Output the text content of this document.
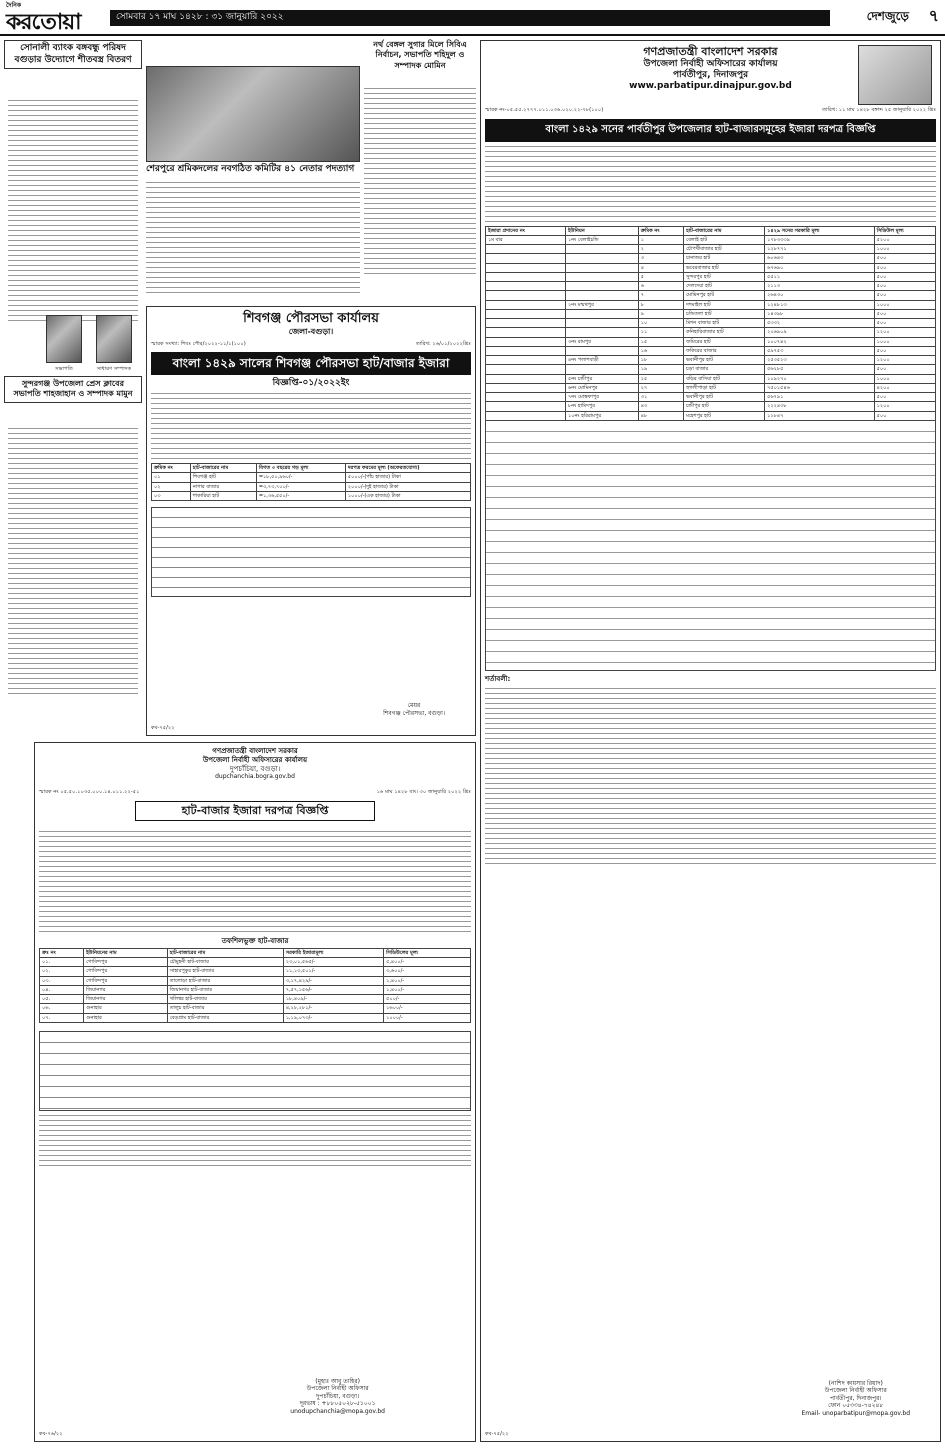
দৈনিক
করতোয়া	সোমবার ১৭ মাঘ ১৪২৮ : ৩১ জানুয়ারি ২০২২	দেশজুড়ে ৭
সোনালী ব্যাংক বঙ্গবন্ধু পরিষদ বগুড়ার উদ্যোগে শীতবস্ত্র বিতরণ
সভাপতি	সাধারণ সম্পাদক
সুন্দরগঞ্জ উপজেলা প্রেস ক্লাবের সভাপতি শাহজাহান ও সম্পাদক মামুন
শেরপুরে শ্রমিকদলের নবগঠিত কমিটির ৪১ নেতার পদত্যাগ
নর্থ বেঙ্গল সুগার মিলে সিবিএ নির্বাচন, সভাপতি শহিদুল ও সম্পাদক মোমিন
শিবগঞ্জ পৌরসভা কার্যালয়
জেলা-বগুড়া।
স্মারক সংখ্যা: শিবঃ পৌর/২০২২-১১/১(১০০)	তারিখ: ২৬/০১/২০২২খ্রিঃ
বাংলা ১৪২৯ সালের শিবগঞ্জ পৌরসভা হাট/বাজার ইজারা
বিজ্ঞপ্তি-০১/২০২২ইং
ক্রমিক নং	হাট-বাজারের নাম	বিগত ৩ বছরের গড় মূল্য	দরপত্র ফরমের মূল্য (অফেরতযোগ্য)
০১	শিবগঞ্জ হাট	=১৮,৫০,৯৬০/-	৫০০০/-(পাঁচ হাজার) টাকা
০২	নাগার বাজার	=৩,৭৩,৭০০/-	২০০০/-(দুই হাজার) টাকা
০৩	শাকারিয়া হাট	=১,৩৬,৫৫০/-	১০০০/-(এক হাজার) টাকা
মেয়র
শিবগঞ্জ পৌরসভা, বগুড়া।
কব-৭৫/২২
গণপ্রজাতন্ত্রী বাংলাদেশ সরকার
উপজেলা নির্বাহী অফিসারের কার্যালয়
দুপচাঁচিয়া, বগুড়া।
dupchanchia.bogra.gov.bd
স্মারক নং ০৫.৫০.১০৩৫.০০০.১৪.০১১.২২-৫১	১৬ মাঘ ১৪২৮ বাং। ৩০ জানুয়ারি ২০২২ খ্রিঃ
হাট-বাজার ইজারা দরপত্র বিজ্ঞপ্তি
তফশিলভুক্ত হাট-বাজার
ক্রঃ নং	ইউনিয়নের নাম	হাট-বাজারের নাম	সরকারি ইজারামূল্য	সিডিউলের মূল্য
০১.	গোবিন্দপুর	চৌমুহনী হাট-বাজার	২৩,০১,৫৬৫/-	৫,৪০০/-
০২.	গোবিন্দপুর	সাহারপুকুর হাট-বাজার	১১,১৩,৫০১/-	৩,৬০০/-
০৩.	গোবিন্দপুর	তালোড়া হাট-বাজার	৩,১৭,৪২৯/-	১,৪০০/-
০৪.	জিয়ানগর	জিয়ানগর হাট-বাজার	৭,৫৭,১৫৬/-	১,৪০০/-
০৫.	জিয়ানগর	খলিশ্বর হাট-বাজার	১৮,৪০৯/-	৫০০/-
০৬.	গুনাহার	তালুচ হাট-বাজার	৪,২৮,২৮১/-	১৬০০/-
০৭.	গুনাহার	বেড়গ্রাম হাট-বাজার	১,১৯,০৭৩/-	১০০০/-
(মুহাঃ আবু তাহির)
উপজেলা নির্বাহী অফিসার
দুপচাঁচিয়া, বগুড়া।
দূরভাষ : +৮৮০৫০২৮-৫১০০১
unodupchanchia@mopa.gov.bd
কব-৭৬/২২
গণপ্রজাতন্ত্রী বাংলাদেশ সরকার
উপজেলা নির্বাহী অফিসারের কার্যালয়
পার্বতীপুর, দিনাজপুর
www.parbatipur.dinajpur.gov.bd
স্মারক নং-০৫.৫৫.২৭৭৭.০১১.০৩৬.০২০.২২-৭৮(১০০)	তারিখ: ১১ মাঘ ১৪২৮ বঙ্গাব্দ ২৫ জানুয়ারি ২০২২ খ্রিঃ
বাংলা ১৪২৯ সনের পার্বতীপুর উপজেলার হাট-বাজারসমূহের ইজারা দরপত্র বিজ্ঞপ্তি
ইজারা প্রদানের নং	ইউনিয়ন	ক্রমিক নং	হাট-বাজারের নাম	১৪২৯ সনের সরকারি মূল্য	সিডিউল মূল্য
১ম বার	১নং বেলাইচন্ডি	১	বেলাই হাট	১৭৮৩৩৩৯	৫২০০
		২	চৌপথীবাজার হাট	১২৮৭৭১	১০০০
		৩	চানাজর হাট	৬০৬৪৩	৫০০
		৪	ভবেরবাজার হাট	৬৭৬৯০	৫০০
		৫	সুন্দরপুর হাট	৫৫১১	৫০০
		৬	দেলদেয়া হাট	২১১৩	৫০০
		৭	মোমিনপুর হাট	২৬৪৩০	৫০০
	২নং মন্মথপুর	৮	দশমাইল হাট	১২৪৮১৩	১০০০
		৯	চন্ডিতলা হাট	১৪৩৯৮	৫০০
		১০	মিশন বাজার হাট	৫৩৩২	৫০০
		১১	কনিহারিবাজার হাট	২০৬৯০৯	১২০০
	৩নং রামপুর	১৫	জমিরের হাট	১০০৭৪২	১০০০
		১৬	ফকিরের বাজার	৫৯৭৫৩	৫০০
	৪নং পলাশবাড়ী	১৮	ভবানীপুর হাট	২৫৩৫২৩	১২০০
		১৯	চড়া বাজার	৫৬২৮৫	৫০০
	৫নং চন্ডীপুর	২৫	বড়ির বাসিয়া হাট	১০৯২৭০	১০০০
	৬নং মোমিনপুর	২৭	হুগলীপাড়া হাট	৭৫০১৫৪৬	৪২০০
	৭নং মোস্তফাপুর	৩১	ভবানীপুর হাট	৫৬৭৯১	৫০০
	৮নং হামিদপুর	৪৩	চন্ডীপুর হাট	২২২৪৩৮	১২০০
	১০নং হরিরামপুর	৪৮	মহেশপুর হাট	১২৮৪৭	৫০০
শর্তাবলী:
(নাশিদ কায়সার রিয়াদ)
উপজেলা নির্বাহী অফিসার
পার্বতীপুর, দিনাজপুর।
ফোন ০৫৩৩৪-৭৪২৪৮
Email- unoparbatipur@mopa.gov.bd
কব-৭৫/২২
